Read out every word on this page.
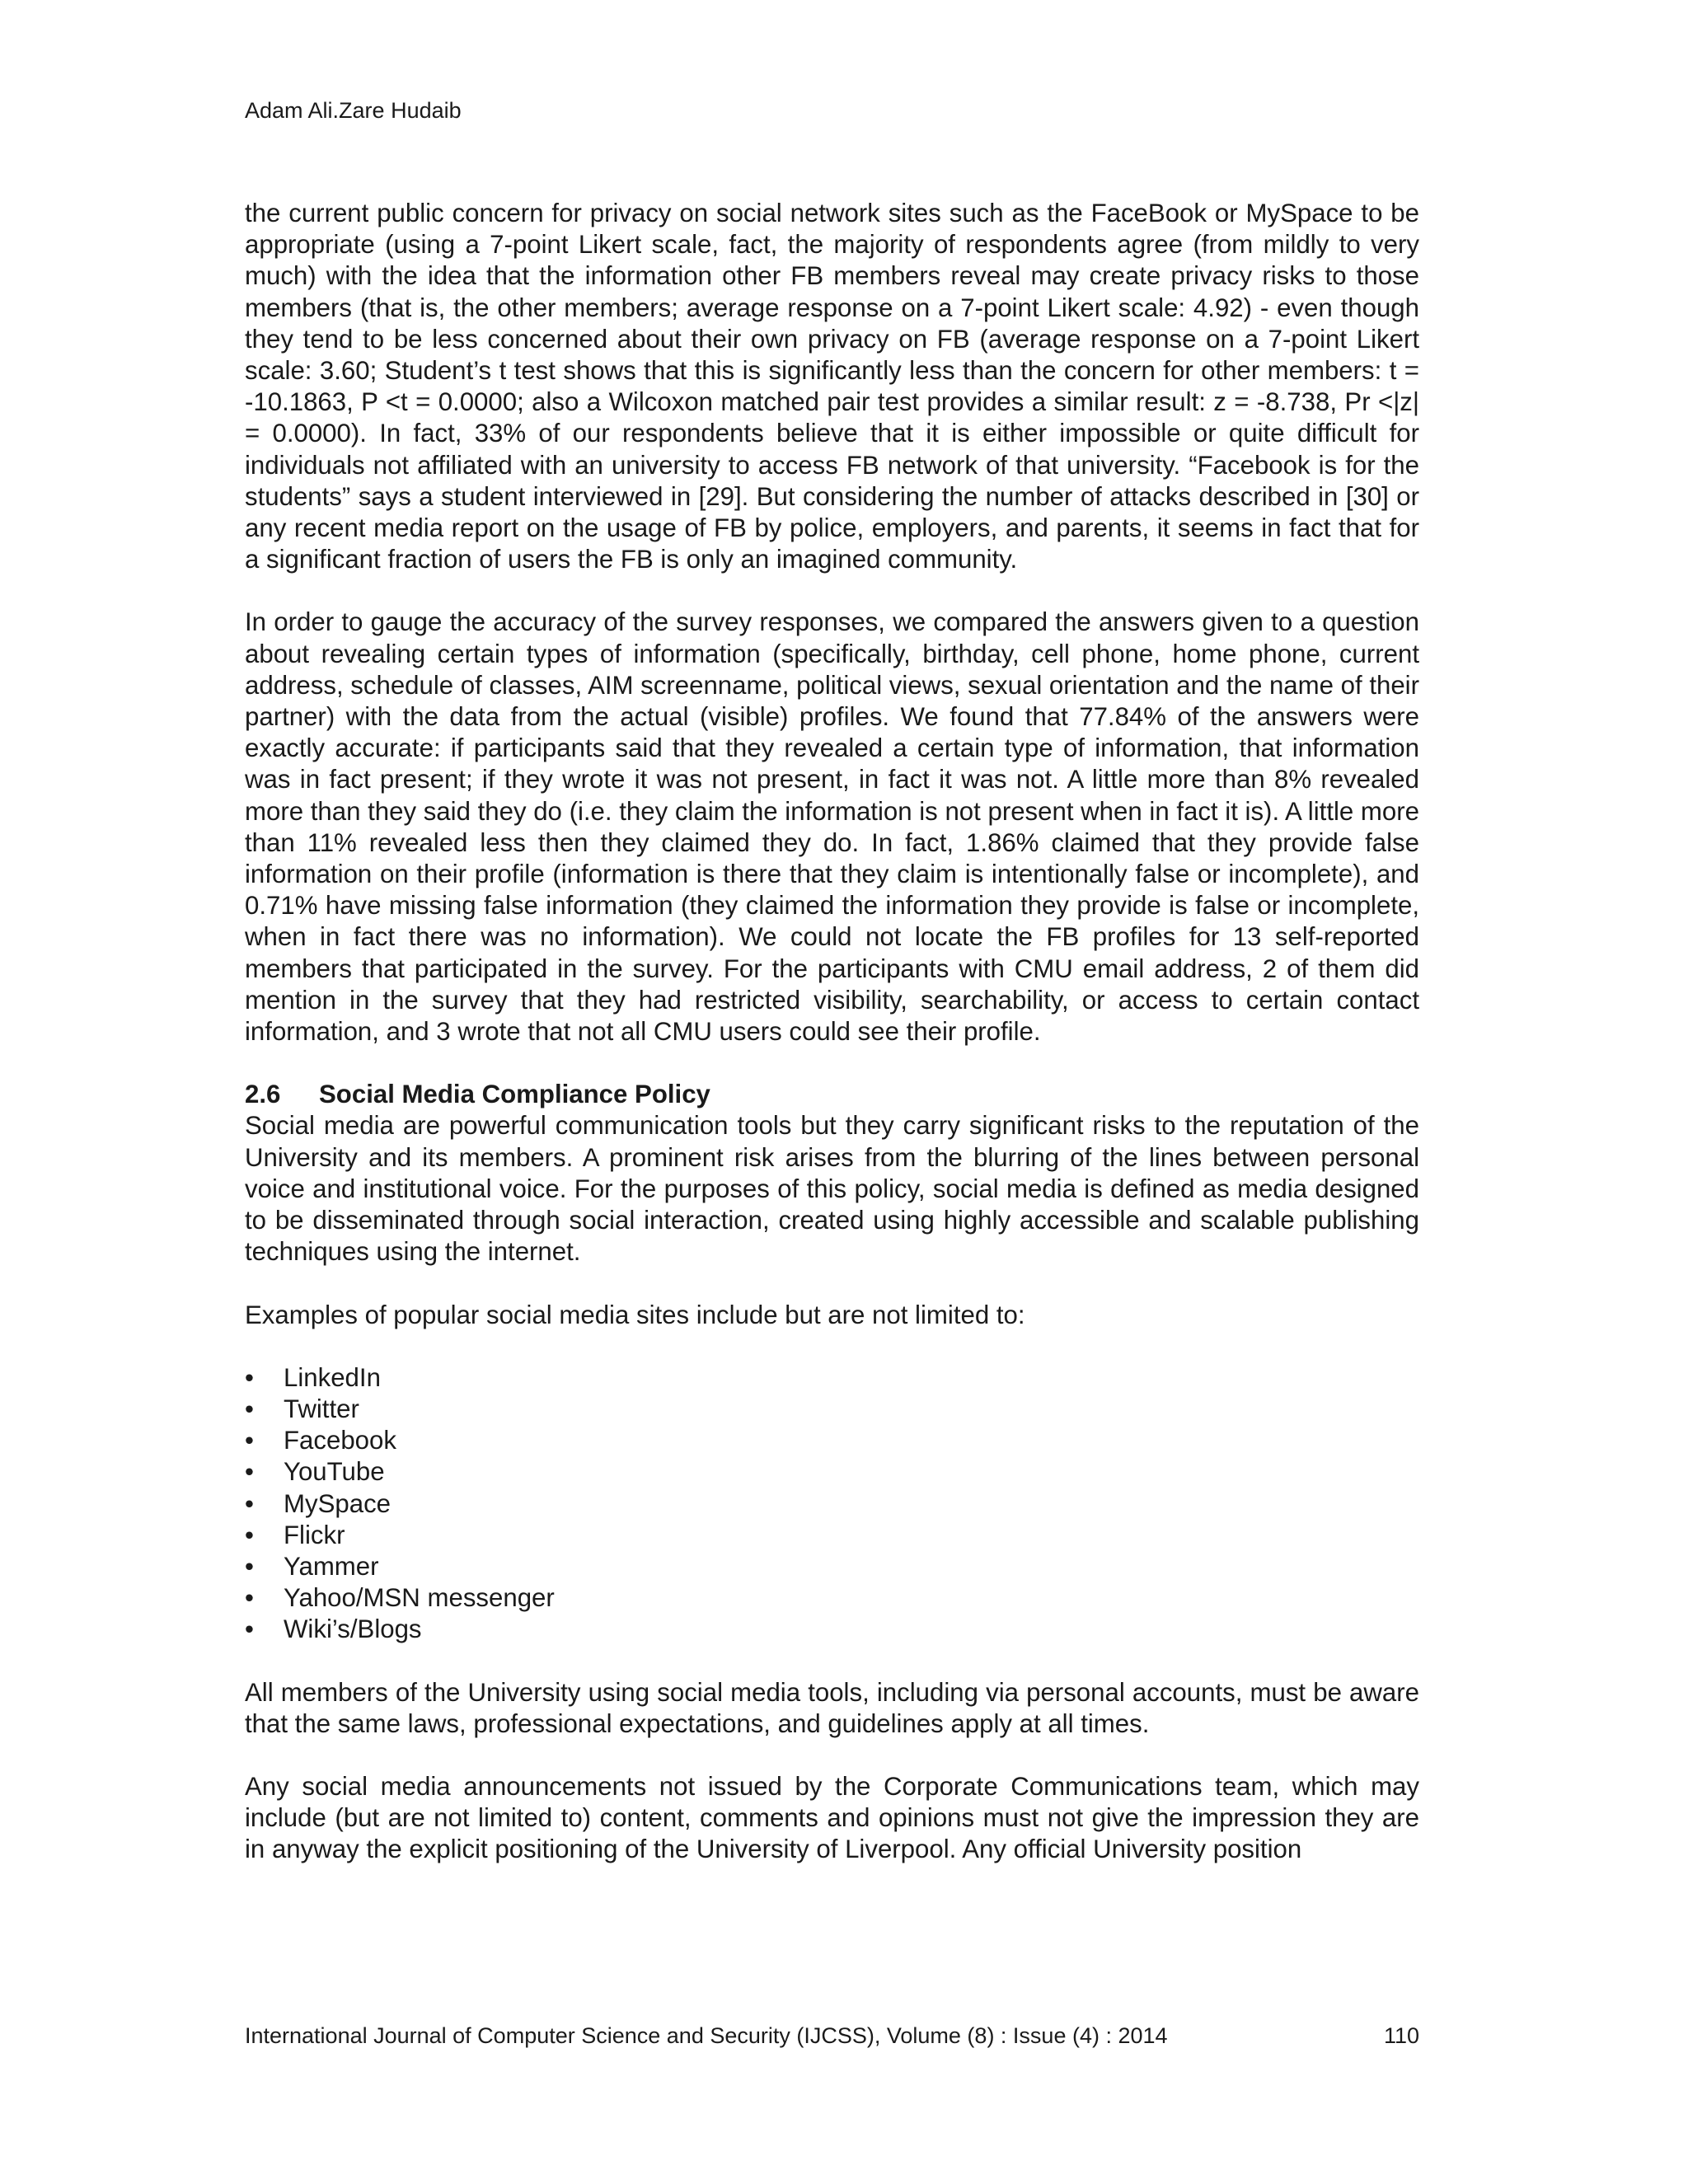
Adam Ali.Zare Hudaib

the current public concern for privacy on social network sites such as the FaceBook or MySpace to be appropriate (using a 7-point Likert scale, fact, the majority of respondents agree (from mildly to very much) with the idea that the information other FB members reveal may create privacy risks to those members (that is, the other members; average response on a 7-point Likert scale: 4.92) - even though they tend to be less concerned about their own privacy on FB (average response on a 7-point Likert scale: 3.60; Student’s t test shows that this is significantly less than the concern for other members: t = -10.1863, P <t = 0.0000; also a Wilcoxon matched pair test provides a similar result: z = -8.738, Pr <|z| = 0.0000). In fact, 33% of our respondents believe that it is either impossible or quite difficult for individuals not affiliated with an university to access FB network of that university. “Facebook is for the students” says a student interviewed in [29]. But considering the number of attacks described in [30] or any recent media report on the usage of FB by police, employers, and parents, it seems in fact that for a significant fraction of users the FB is only an imagined community.

In order to gauge the accuracy of the survey responses, we compared the answers given to a question about revealing certain types of information (specifically, birthday, cell phone, home phone, current address, schedule of classes, AIM screenname, political views, sexual orientation and the name of their partner) with the data from the actual (visible) profiles. We found that 77.84% of the answers were exactly accurate: if participants said that they revealed a certain type of information, that information was in fact present; if they wrote it was not present, in fact it was not. A little more than 8% revealed more than they said they do (i.e. they claim the information is not present when in fact it is). A little more than 11% revealed less then they claimed they do. In fact, 1.86% claimed that they provide false information on their profile (information is there that they claim is intentionally false or incomplete), and 0.71% have missing false information (they claimed the information they provide is false or incomplete, when in fact there was no information). We could not locate the FB profiles for 13 self-reported members that participated in the survey. For the participants with CMU email address, 2 of them did mention in the survey that they had restricted visibility, searchability, or access to certain contact information, and 3 wrote that not all CMU users could see their profile.

2.6 Social Media Compliance Policy

Social media are powerful communication tools but they carry significant risks to the reputation of the University and its members. A prominent risk arises from the blurring of the lines between personal voice and institutional voice. For the purposes of this policy, social media is defined as media designed to be disseminated through social interaction, created using highly accessible and scalable publishing techniques using the internet.

Examples of popular social media sites include but are not limited to:

• LinkedIn
• Twitter
• Facebook
• YouTube
• MySpace
• Flickr
• Yammer
• Yahoo/MSN messenger
• Wiki’s/Blogs

All members of the University using social media tools, including via personal accounts, must be aware that the same laws, professional expectations, and guidelines apply at all times.

Any social media announcements not issued by the Corporate Communications team, which may include (but are not limited to) content, comments and opinions must not give the impression they are in anyway the explicit positioning of the University of Liverpool. Any official University position

International Journal of Computer Science and Security (IJCSS), Volume (8) : Issue (4) : 2014	110
